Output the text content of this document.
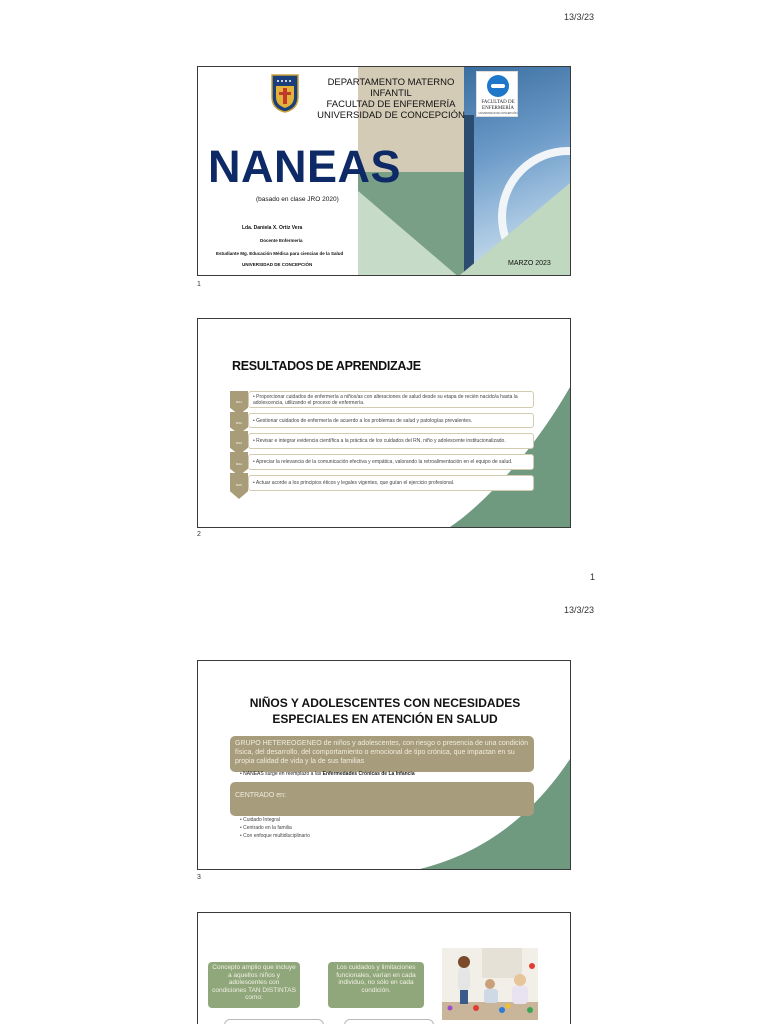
13/3/23
DEPARTAMENTO MATERNO INFANTIL
FACULTAD DE ENFERMERÍA
UNIVERSIDAD DE CONCEPCIÓN
FACULTAD DE
ENFERMERÍA
UNIVERSIDAD DE CONCEPCIÓN
NANEAS
(basado en clase JRO 2020)
Lda. Daniela X. Ortiz Vera
Docente Enfermería
Estudiante Mg. Educación Médica para ciencias de la Salud
UNIVERSIDAD DE CONCEPCIÓN	MARZO 2023
1
RESULTADOS DE APRENDIZAJE
RA1
RA2
RA3
RA4
RA5
• Proporcionar cuidados de enfermería a niños/as con alteraciones de salud desde su etapa de recién nacido/a hasta la adolescencia, utilizando el proceso de enfermería.
• Gestionar cuidados de enfermería de acuerdo a los problemas de salud y patologías prevalentes.
• Revisar e integrar evidencia científica a la práctica de los cuidados del RN, niño y adolescente institucionalizado.
• Apreciar la relevancia de la comunicación efectiva y empática, valorando la retroalimentación en el equipo de salud.
• Actuar acorde a los principios éticos y legales vigentes, que guían el ejercicio profesional.
2
1
13/3/23
NIÑOS Y ADOLESCENTES CON NECESIDADES
ESPECIALES EN ATENCIÓN EN SALUD
GRUPO HETEREOGENEO de niños y adolescentes, con riesgo o presencia de una condición física, del desarrollo, del comportamiento o emocional de tipo crónica, que impactan en su propia calidad de vida y la de sus familias
• NANEAS surge en reemplazo a las Enfermedades Crónicas de La Infancia
CENTRADO en:
• Cuidado Integral
• Centrado en la familia
• Con enfoque multidisciplinario
3
Concepto amplio que incluye a aquellos niños y adolescentes con condiciones TAN DISTINTAS como:
Los cuidados y limitaciones funcionales, varían en cada individuo, no sólo en cada condición.
